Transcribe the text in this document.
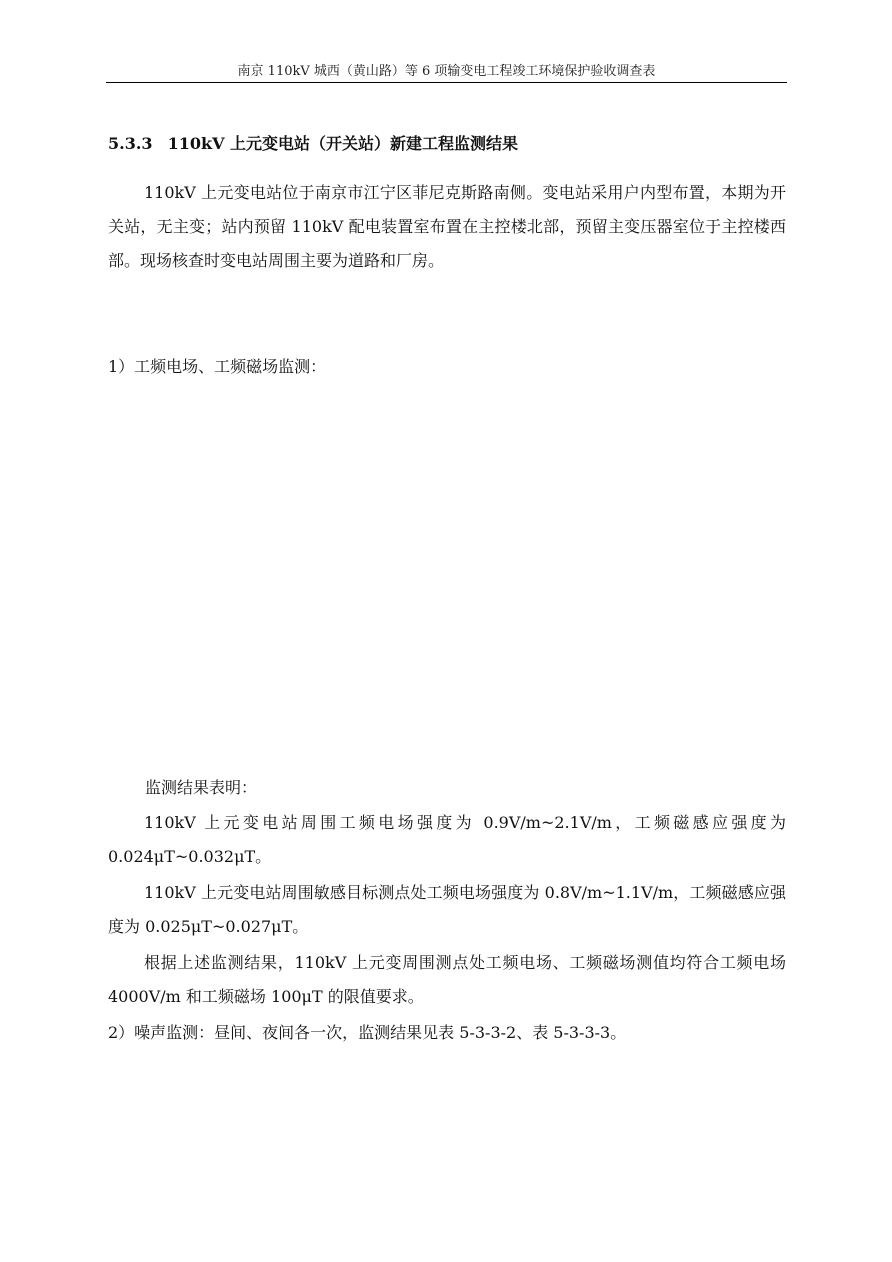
南京 110kV 城西（黄山路）等 6 项输变电工程竣工环境保护验收调查表
5.3.3 110kV 上元变电站（开关站）新建工程监测结果

110kV 上元变电站位于南京市江宁区菲尼克斯路南侧。变电站采用户内型布置，本期为开关站，无主变；站内预留 110kV 配电装置室布置在主控楼北部，预留主变压器室位于主控楼西部。现场核查时变电站周围主要为道路和厂房。

1）工频电场、工频磁场监测：

监测结果表明：

110kV 上元变电站周围工频电场强度为 0.9V/m~2.1V/m，工频磁感应强度为 0.024μT~0.032μT。

110kV 上元变电站周围敏感目标测点处工频电场强度为 0.8V/m~1.1V/m，工频磁感应强度为 0.025μT~0.027μT。

根据上述监测结果，110kV 上元变周围测点处工频电场、工频磁场测值均符合工频电场 4000V/m 和工频磁场 100μT 的限值要求。

2）噪声监测：昼间、夜间各一次，监测结果见表 5-3-3-2、表 5-3-3-3。
